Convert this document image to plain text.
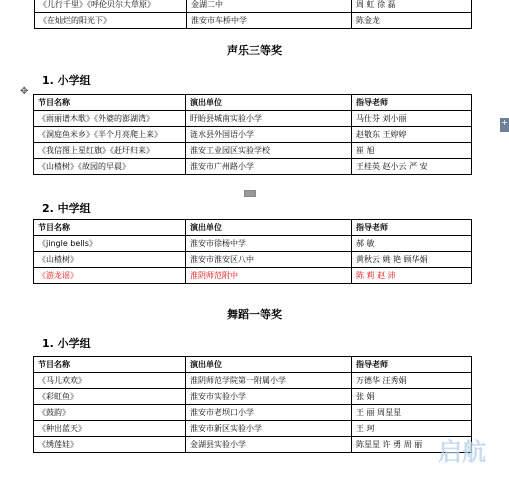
《儿行千里》《呼伦贝尔大草原》	金湖二中	周 虹 徐 磊
《在灿烂的阳光下》	淮安市车桥中学	陈金龙
声乐三等奖
1. 小学组
✥
+
节目名称	演出单位	指导老师
《雨丽谱木歌》《外婆的澎湖湾》	盱眙县城南实验小学	马仕芬 刘小丽
《洞庭鱼米乡》《半个月亮爬上来》	涟水县外国语小学	赵敬东 王婷婷
《我信图上星红旗》《赶圩归来》	淮安工业园区实验学校	崔 旭
《山楂树》《故园的早晨》	淮安市广州路小学	王桂英 赵小云 严 安
2. 中学组
节目名称	演出单位	指导老师
《jingle bells》	淮安市徐杨中学	郝 敏
《山楂树》	淮安市淮安区八中	黄秋云 姚 艳 顾华娟
《游龙谣》	淮阴师范附中	陈 莉 赵 沛
舞蹈一等奖
1. 小学组
节目名称	演出单位	指导老师
《马儿欢欢》	淮阴师范学院第一附属小学	万德华 汪秀娟
《彩虹鱼》	淮安市实验小学	张 娟
《鼓韵》	淮安市老坝口小学	王 丽 周星星
《种出蓝天》	淮安市新区实验小学	王 珂
《绣莲娃》	金湖县实验小学	陈星星 许 勇 周 丽 启航
